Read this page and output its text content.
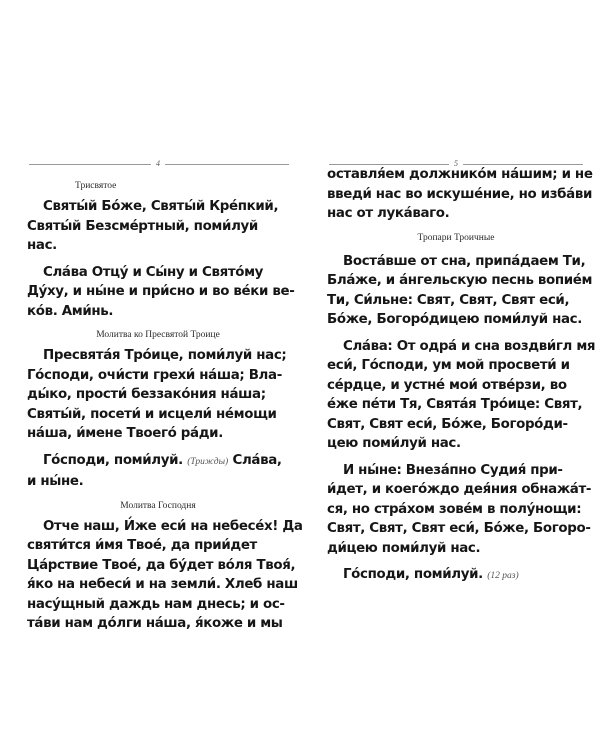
4
Трисвятое
Святы́й Бо́же, Святы́й Кре́пкий,
Святы́й Безсме́ртный, поми́луй
нас.
Сла́ва Отцу́ и Сы́ну и Свято́му
Ду́ху, и ны́не и при́сно и во ве́ки ве-
ко́в. Ами́нь.
Молитва ко Пресвятой Троице
Пресвята́я Тро́ице, поми́луй нас;
Го́споди, очи́сти грехи́ на́ша; Вла-
ды́ко, прости́ беззако́ния на́ша;
Святы́й, посети́ и исцели́ не́мощи
на́ша, и́мене Твоего́ ра́ди.
Го́споди, поми́луй. (Трижды) Сла́ва,
и ны́не.
Молитва Господня
Отче наш, И́же еси́ на небесе́х! Да
святи́тся и́мя Твое́, да прии́дет
Ца́рствие Твое́, да бу́дет во́ля Твоя́,
я́ко на небеси́ и на земли́. Хлеб наш
насу́щный даждь нам днесь; и ос-
та́ви нам до́лги на́ша, я́коже и мы
5
оставля́ем должнико́м на́шим; и не
введи́ нас во искуше́ние, но изба́ви
нас от лука́ваго.
Тропари Троичные
Воста́вше от сна, припа́даем Ти,
Бла́же, и а́нгельскую песнь вопие́м
Ти, Си́льне: Свят, Свят, Свят еси́,
Бо́же, Богоро́дицею поми́луй нас.
Сла́ва: От одра́ и сна воздви́гл мя
еси́, Го́споди, ум мой просвети́ и
се́рдце, и устне́ мои́ отве́рзи, во
е́же пе́ти Тя, Свята́я Тро́ице: Свят,
Свят, Свят еси́, Бо́же, Богоро́ди-
цею поми́луй нас.
И ны́не: Внеза́пно Судия́ при-
и́дет, и коего́ждо дея́ния обнажа́т-
ся, но стра́хом зове́м в полу́нощи:
Свят, Свят, Свят еси́, Бо́же, Богоро-
ди́цею поми́луй нас.
Го́споди, поми́луй. (12 раз)
